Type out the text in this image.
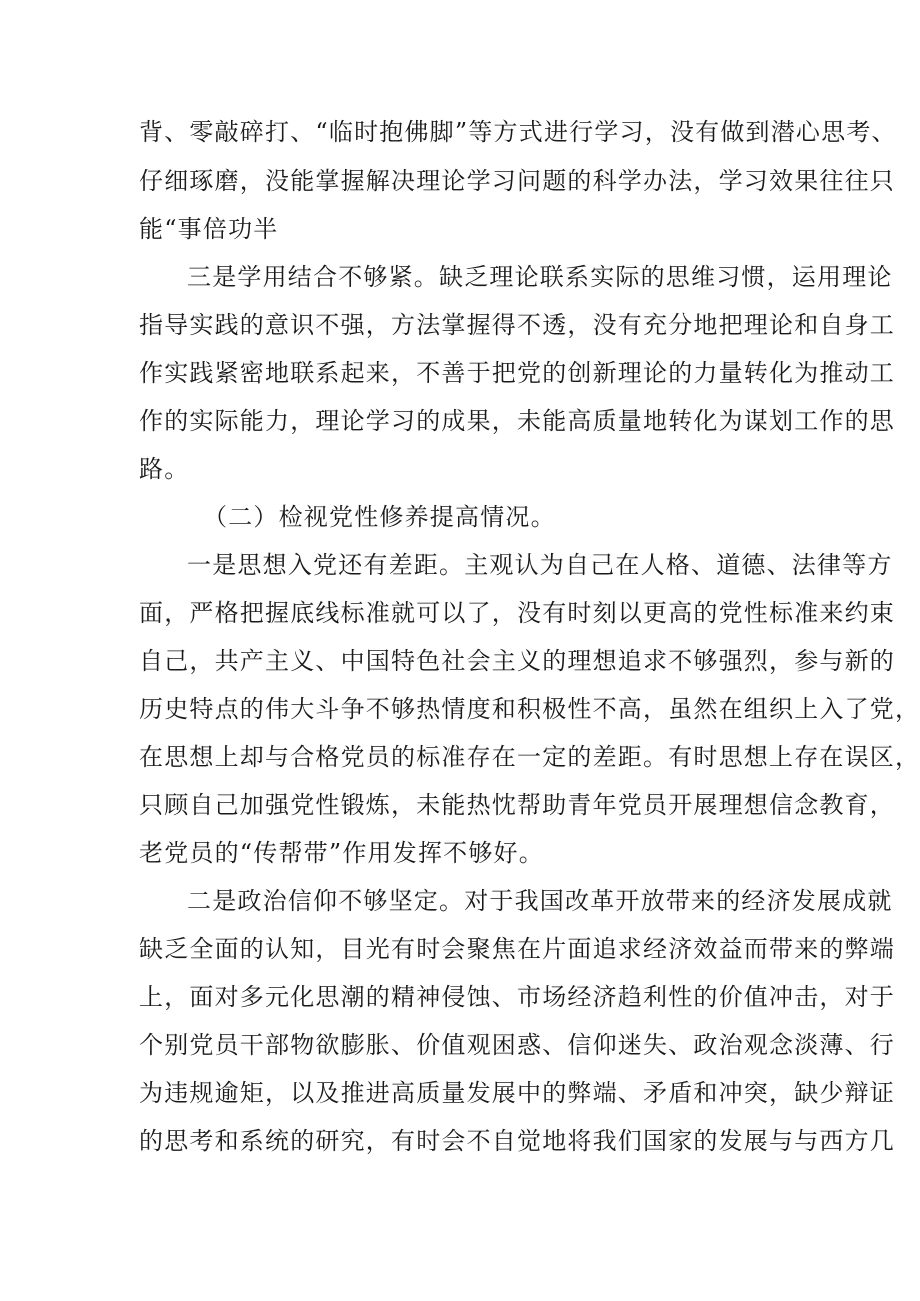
背、零敲碎打、“临时抱佛脚”等方式进行学习，没有做到潜心思考、
仔细琢磨，没能掌握解决理论学习问题的科学办法，学习效果往往只
能“事倍功半
三是学用结合不够紧。缺乏理论联系实际的思维习惯，运用理论
指导实践的意识不强，方法掌握得不透，没有充分地把理论和自身工
作实践紧密地联系起来，不善于把党的创新理论的力量转化为推动工
作的实际能力，理论学习的成果，未能高质量地转化为谋划工作的思
路。
（二）检视党性修养提高情况。
一是思想入党还有差距。主观认为自己在人格、道德、法律等方
面，严格把握底线标准就可以了，没有时刻以更高的党性标准来约束
自己，共产主义、中国特色社会主义的理想追求不够强烈，参与新的
历史特点的伟大斗争不够热情度和积极性不高，虽然在组织上入了党，
在思想上却与合格党员的标准存在一定的差距。有时思想上存在误区，
只顾自己加强党性锻炼，未能热忱帮助青年党员开展理想信念教育，
老党员的“传帮带”作用发挥不够好。
二是政治信仰不够坚定。对于我国改革开放带来的经济发展成就
缺乏全面的认知，目光有时会聚焦在片面追求经济效益而带来的弊端
上，面对多元化思潮的精神侵蚀、市场经济趋利性的价值冲击，对于
个别党员干部物欲膨胀、价值观困惑、信仰迷失、政治观念淡薄、行
为违规逾矩，以及推进高质量发展中的弊端、矛盾和冲突，缺少辩证
的思考和系统的研究，有时会不自觉地将我们国家的发展与与西方几
